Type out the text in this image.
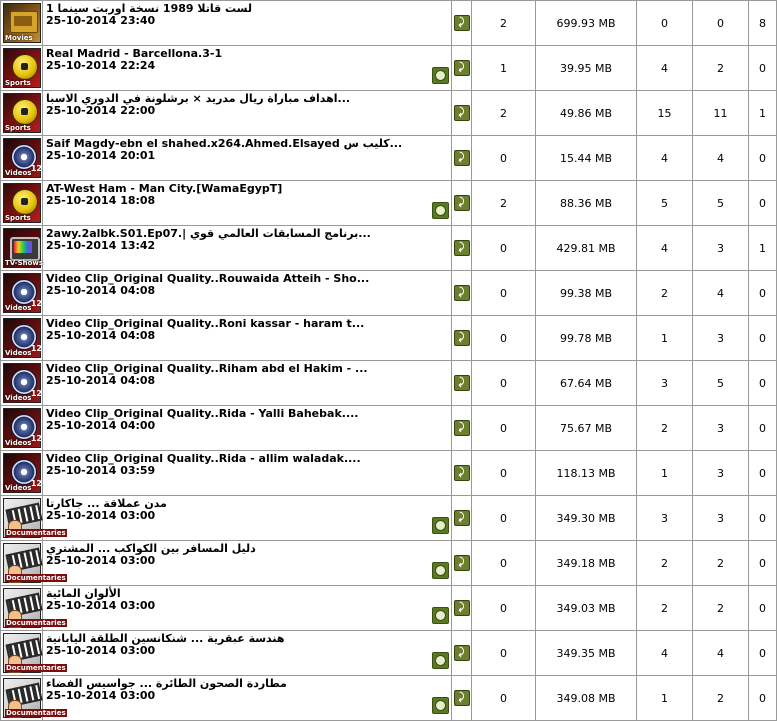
Movies	لست قاتلا 1989 نسخة اوربت سينما 1
25-10-2014 23:40	⤸	2	699.93 MB	0	0	8

Sports	Real Madrid - Barcellona.3-1
25-10-2014 22:24	⤸	1	39.95 MB	4	2	0

Sports	اهداف مباراة ريال مدريد × برشلونة في الدوري الاسبا...
25-10-2014 22:00	⤸	2	49.86 MB	15	11	1

12
Videos	Saif Magdy-ebn el shahed.x264.Ahmed.Elsayed كليب س...
25-10-2014 20:01	⤸	0	15.44 MB	4	4	0

Sports	AT-West Ham - Man City.[WamaEgypT]
25-10-2014 18:08	⤸	2	88.36 MB	5	5	0

TV-Shows	2awy.2albk.S01.Ep07.| برنامج المسابقات العالمي قوي...
25-10-2014 13:42	⤸	0	429.81 MB	4	3	1

12
Videos	Video Clip_Original Quality..Rouwaida Atteih - Sho...
25-10-2014 04:08	⤸	0	99.38 MB	2	4	0

12
Videos	Video Clip_Original Quality..Roni kassar - haram t...
25-10-2014 04:08	⤸	0	99.78 MB	1	3	0

12
Videos	Video Clip_Original Quality..Riham abd el Hakim - ...
25-10-2014 04:08	⤸	0	67.64 MB	3	5	0

12
Videos	Video Clip_Original Quality..Rida - Yalli Bahebak....
25-10-2014 04:00	⤸	0	75.67 MB	2	3	0

12
Videos	Video Clip_Original Quality..Rida - allim waladak....
25-10-2014 03:59	⤸	0	118.13 MB	1	3	0

Documentaries	مدن عملاقة ... جاكارتا
25-10-2014 03:00	⤸	0	349.30 MB	3	3	0

Documentaries	دليل المسافر بين الكواكب ... المشتري
25-10-2014 03:00	⤸	0	349.18 MB	2	2	0

Documentaries	الألوان المائية
25-10-2014 03:00	⤸	0	349.03 MB	2	2	0

Documentaries	هندسة عبقرية ... شنكانسين الطلقة اليابانية
25-10-2014 03:00	⤸	0	349.35 MB	4	4	0

Documentaries	مطاردة الصحون الطائرة ... جواسيس الفضاء
25-10-2014 03:00	⤸	0	349.08 MB	1	2	0
